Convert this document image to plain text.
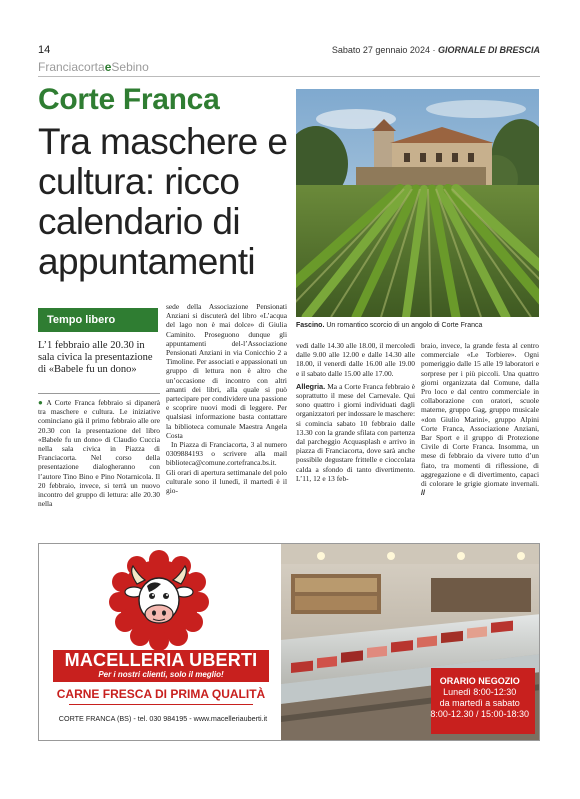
14	Sabato 27 gennaio 2024 · GIORNALE DI BRESCIA
FranciacortaeSebino
Corte Franca
Tra maschere e cultura: ricco calendario di appuntamenti
Fascino. Un romantico scorcio di un angolo di Corte Franca
Tempo libero
L’1 febbraio alle 20.30 in sala civica la presentazione di «Babele fu un dono»

● A Corte Franca febbraio si dipanerà tra maschere e cultura. Le iniziative cominciano già il primo febbraio alle ore 20.30 con la presentazione del libro «Babele fu un dono» di Claudio Cuccia nella sala civica in Piazza di Franciacorta. Nel corso della presentazione dialogheranno con l’autore Tino Bino e Pino Notarnicola. Il 20 febbraio, invece, si terrà un nuovo incontro del gruppo di lettura: alle 20.30 nella

sede della Associazione Pensionati Anziani si discuterà del libro «L’acqua del lago non è mai dolce» di Giulia Caminito. Proseguono dunque gli appuntamenti del-l’Associazione Pensionati Anziani in via Conicchio 2 a Timoline. Per associati e appassionati un gruppo di lettura non è altro che un’occasione di incontro con altri amanti dei libri, alla quale si può partecipare per condividere una passione e scoprire nuovi modi di leggere. Per qualsiasi informazione basta contattare la biblioteca comunale Maestra Angela Costa

In Piazza di Franciacorta, 3 al numero 0309884193 o scrivere alla mail biblioteca@comune.cortefranca.bs.it. Gli orari di apertura settimanale del polo culturale sono il lunedì, il martedì è il gio-

vedì dalle 14.30 alle 18.00, il mercoledì dalle 9.00 alle 12.00 e dalle 14.30 alle 18.00, il venerdì dalle 16.00 alle 19.00 e il sabato dalle 15.00 alle 17.00.

Allegria. Ma a Corte Franca febbraio è soprattutto il mese del Carnevale. Qui sono quattro i giorni individuati dagli organizzatori per indossare le maschere: si comincia sabato 10 febbraio dalle 13.30 con la grande sfilata con partenza dal parcheggio Acquasplash e arrivo in piazza di Franciacorta, dove sarà anche possibile degustare frittelle e cioccolata calda a sfondo di tanto divertimento. L’11, 12 e 13 feb-

braio, invece, la grande festa al centro commerciale «Le Torbiere». Ogni pomeriggio dalle 15 alle 19 laboratori e sorprese per i più piccoli. Una quattro giorni organizzata dal Comune, dalla Pro loco e dal centro commerciale in collaborazione con oratori, scuole materne, gruppo Gag, gruppo musicale «don Giulio Marini», gruppo Alpini Corte Franca, Associazione Anziani, Bar Sport e il gruppo di Protezione Civile di Corte Franca. Insomma, un mese di febbraio da vivere tutto d’un fiato, tra momenti di riflessione, di aggregazione e di divertimento, capaci di colorare le grigie giornate invernali. //

MACELLERIA UBERTI
Per i nostri clienti, solo il meglio!
CARNE FRESCA DI PRIMA QUALITÀ
CORTE FRANCA (BS) - tel. 030 984195 - www.macelleriauberti.it
ORARIO NEGOZIO
Lunedì 8:00-12:30
da martedì a sabato
8:00-12.30 / 15:00-18:30
